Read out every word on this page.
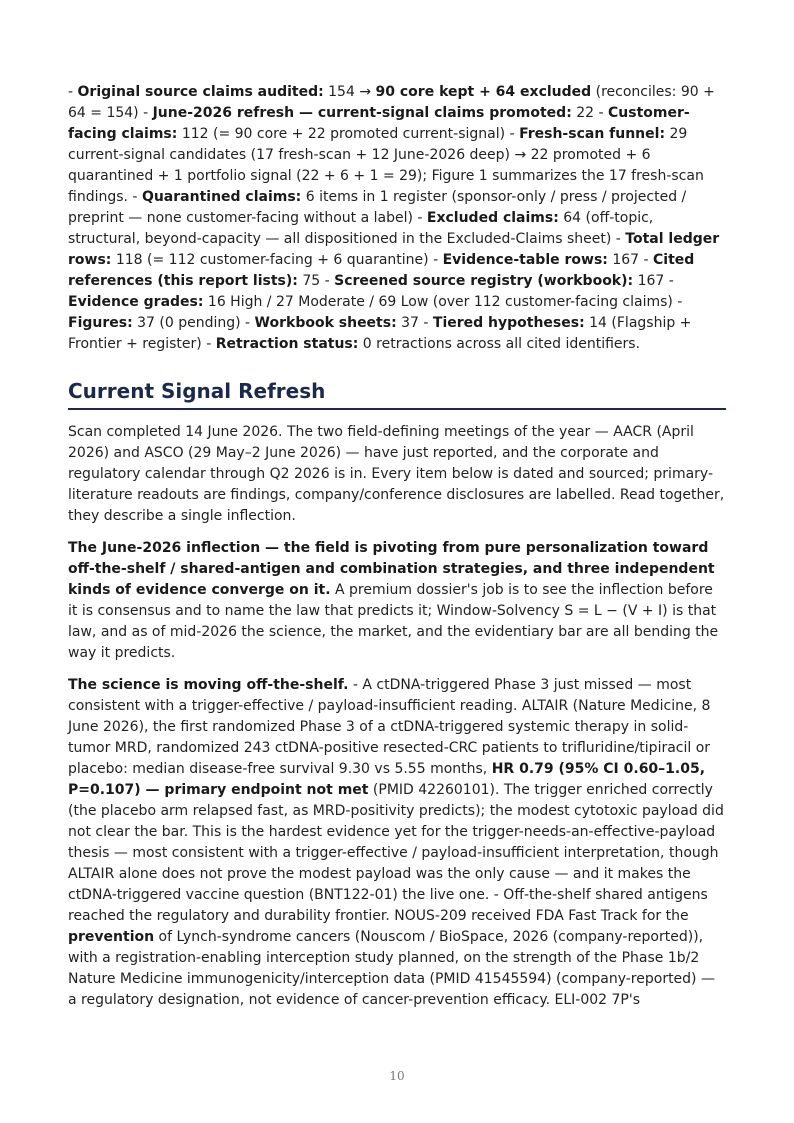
- Original source claims audited: 154 → 90 core kept + 64 excluded (reconciles: 90 + 64 = 154) - June-2026 refresh — current-signal claims promoted: 22 - Customer-facing claims: 112 (= 90 core + 22 promoted current-signal) - Fresh-scan funnel: 29 current-signal candidates (17 fresh-scan + 12 June-2026 deep) → 22 promoted + 6 quarantined + 1 portfolio signal (22 + 6 + 1 = 29); Figure 1 summarizes the 17 fresh-scan findings. - Quarantined claims: 6 items in 1 register (sponsor-only / press / projected / preprint — none customer-facing without a label) - Excluded claims: 64 (off-topic, structural, beyond-capacity — all dispositioned in the Excluded-Claims sheet) - Total ledger rows: 118 (= 112 customer-facing + 6 quarantine) - Evidence-table rows: 167 - Cited references (this report lists): 75 - Screened source registry (workbook): 167 - Evidence grades: 16 High / 27 Moderate / 69 Low (over 112 customer-facing claims) - Figures: 37 (0 pending) - Workbook sheets: 37 - Tiered hypotheses: 14 (Flagship + Frontier + register) - Retraction status: 0 retractions across all cited identifiers.

Current Signal Refresh

Scan completed 14 June 2026. The two field-defining meetings of the year — AACR (April 2026) and ASCO (29 May–2 June 2026) — have just reported, and the corporate and regulatory calendar through Q2 2026 is in. Every item below is dated and sourced; primary-literature readouts are findings, company/conference disclosures are labelled. Read together, they describe a single inflection.

The June-2026 inflection — the field is pivoting from pure personalization toward off-the-shelf / shared-antigen and combination strategies, and three independent kinds of evidence converge on it. A premium dossier's job is to see the inflection before it is consensus and to name the law that predicts it; Window-Solvency S = L − (V + I) is that law, and as of mid-2026 the science, the market, and the evidentiary bar are all bending the way it predicts.

The science is moving off-the-shelf. - A ctDNA-triggered Phase 3 just missed — most consistent with a trigger-effective / payload-insufficient reading. ALTAIR (Nature Medicine, 8 June 2026), the first randomized Phase 3 of a ctDNA-triggered systemic therapy in solid-tumor MRD, randomized 243 ctDNA-positive resected-CRC patients to trifluridine/tipiracil or placebo: median disease-free survival 9.30 vs 5.55 months, HR 0.79 (95% CI 0.60–1.05, P=0.107) — primary endpoint not met (PMID 42260101). The trigger enriched correctly (the placebo arm relapsed fast, as MRD-positivity predicts); the modest cytotoxic payload did not clear the bar. This is the hardest evidence yet for the trigger-needs-an-effective-payload thesis — most consistent with a trigger-effective / payload-insufficient interpretation, though ALTAIR alone does not prove the modest payload was the only cause — and it makes the ctDNA-triggered vaccine question (BNT122-01) the live one. - Off-the-shelf shared antigens reached the regulatory and durability frontier. NOUS-209 received FDA Fast Track for the prevention of Lynch-syndrome cancers (Nouscom / BioSpace, 2026 (company-reported)), with a registration-enabling interception study planned, on the strength of the Phase 1b/2 Nature Medicine immunogenicity/interception data (PMID 41545594) (company-reported) — a regulatory designation, not evidence of cancer-prevention efficacy. ELI-002 7P's

10
